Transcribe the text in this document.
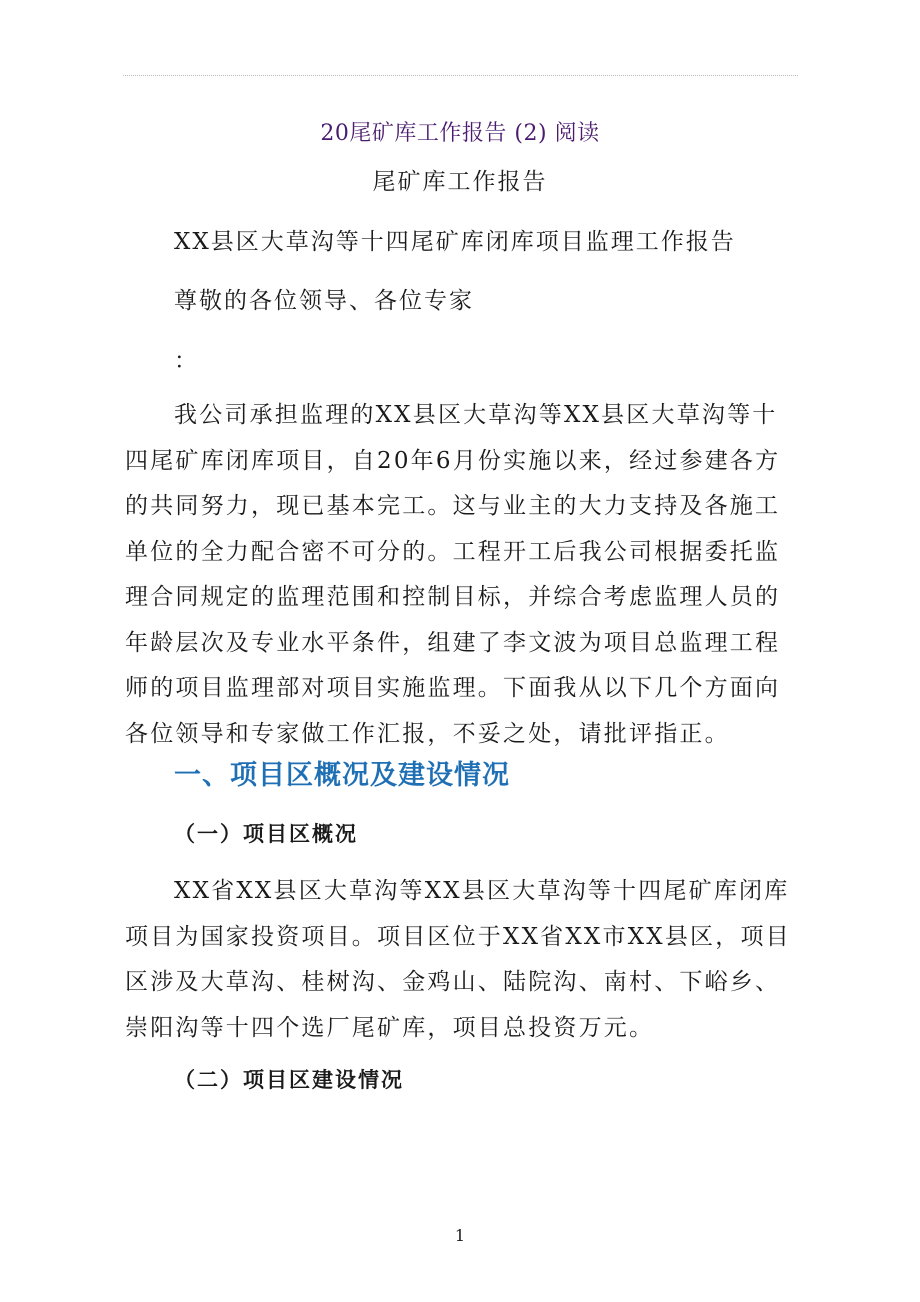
20尾矿库工作报告 (2) 阅读
尾矿库工作报告
XX县区大草沟等十四尾矿库闭库项目监理工作报告
尊敬的各位领导、各位专家
：

我公司承担监理的XX县区大草沟等XX县区大草沟等十四尾矿库闭库项目，自20年6月份实施以来，经过参建各方的共同努力，现已基本完工。这与业主的大力支持及各施工单位的全力配合密不可分的。工程开工后我公司根据委托监理合同规定的监理范围和控制目标，并综合考虑监理人员的年龄层次及专业水平条件，组建了李文波为项目总监理工程师的项目监理部对项目实施监理。下面我从以下几个方面向各位领导和专家做工作汇报，不妥之处，请批评指正。

一、项目区概况及建设情况
（一）项目区概况

XX省XX县区大草沟等XX县区大草沟等十四尾矿库闭库项目为国家投资项目。项目区位于XX省XX市XX县区，项目区涉及大草沟、桂树沟、金鸡山、陆院沟、南村、下峪乡、崇阳沟等十四个选厂尾矿库，项目总投资万元。

（二）项目区建设情况
1
